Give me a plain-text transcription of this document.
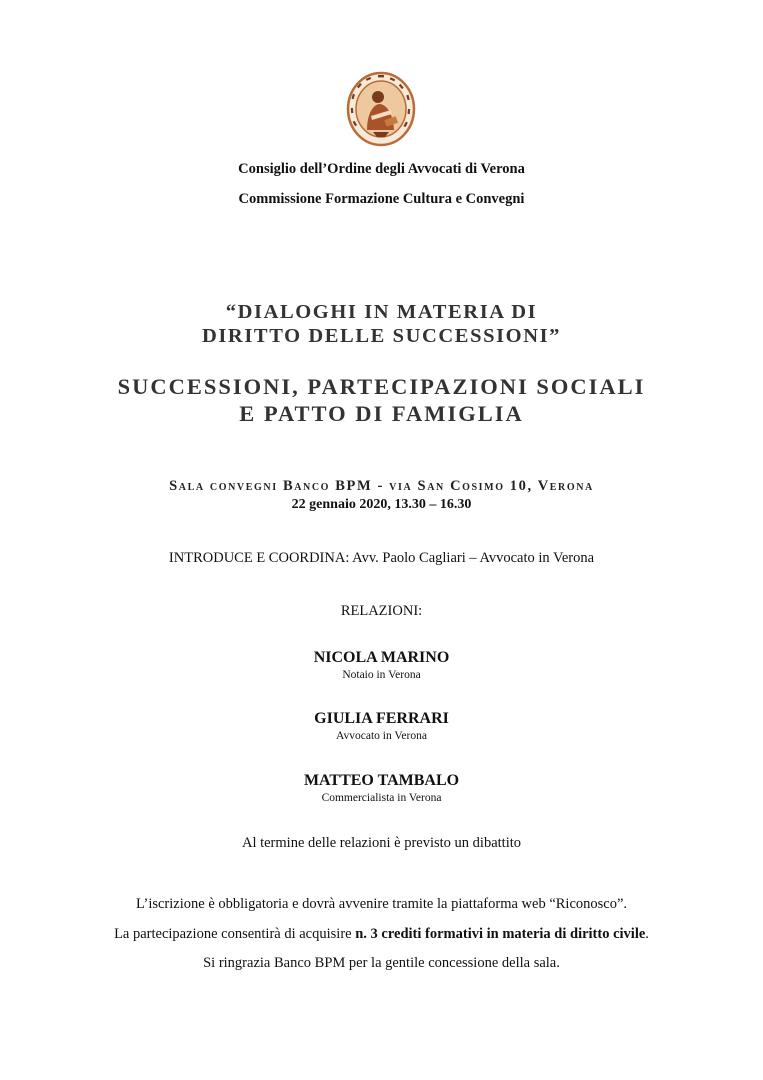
Consiglio dell’Ordine degli Avvocati di Verona
Commissione Formazione Cultura e Convegni
“DIALOGHI IN MATERIA DI
DIRITTO DELLE SUCCESSIONI”
SUCCESSIONI, PARTECIPAZIONI SOCIALI
E PATTO DI FAMIGLIA
Sala convegni Banco BPM - via San Cosimo 10, Verona
22 gennaio 2020, 13.30 – 16.30
INTRODUCE E COORDINA: Avv. Paolo Cagliari – Avvocato in Verona
RELAZIONI:
NICOLA MARINO
Notaio in Verona
GIULIA FERRARI
Avvocato in Verona
MATTEO TAMBALO
Commercialista in Verona
Al termine delle relazioni è previsto un dibattito
L’iscrizione è obbligatoria e dovrà avvenire tramite la piattaforma web “Riconosco”.
La partecipazione consentirà di acquisire n. 3 crediti formativi in materia di diritto civile.
Si ringrazia Banco BPM per la gentile concessione della sala.
